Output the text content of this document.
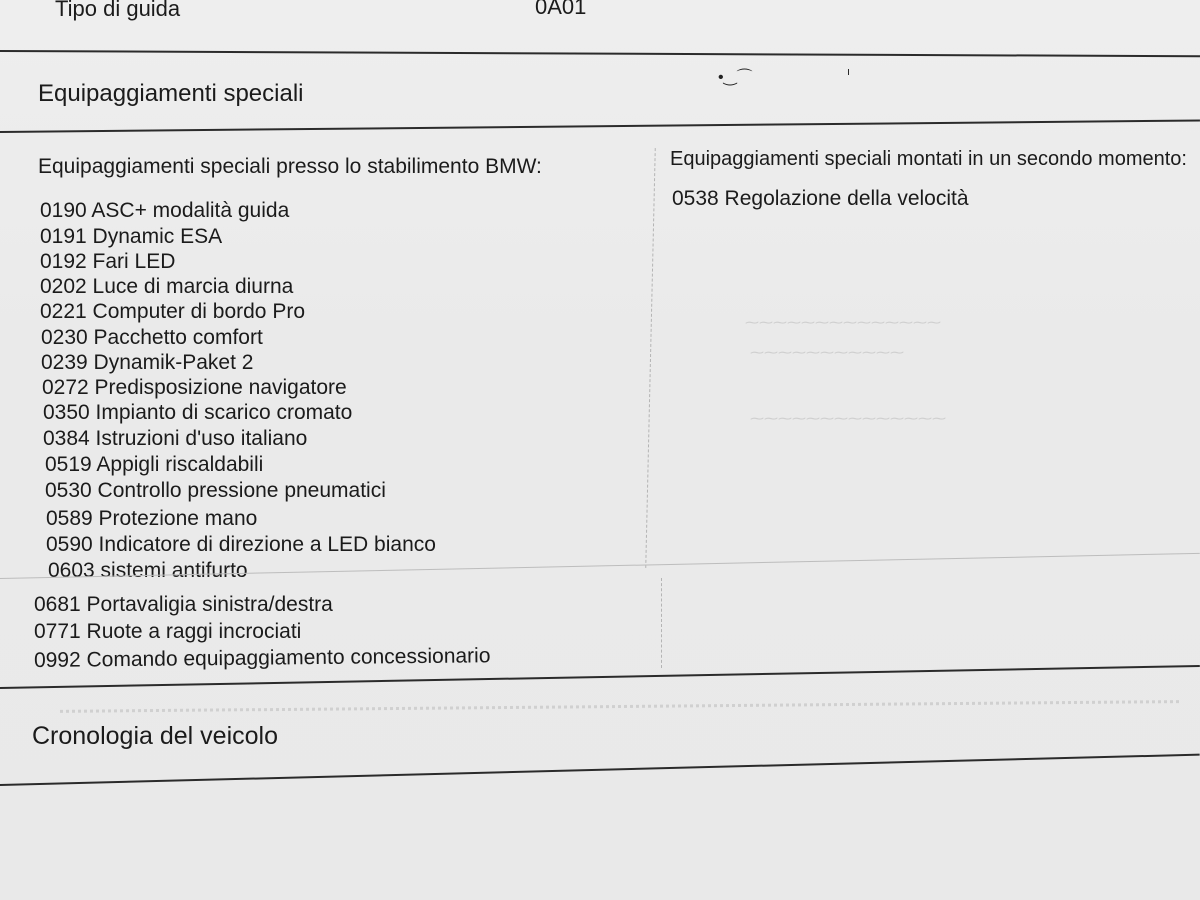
Tipo di guida	0A01
Equipaggiamenti speciali
•‿⌒	ı
Equipaggiamenti speciali presso lo stabilimento BMW:	Equipaggiamenti speciali montati in un secondo momento:
0190 ASC+ modalità guida
0191 Dynamic ESA
0192 Fari LED
0202 Luce di marcia diurna
0221 Computer di bordo Pro
0230 Pacchetto comfort
0239 Dynamik-Paket 2
0272 Predisposizione navigatore
0350 Impianto di scarico cromato
0384 Istruzioni d'uso italiano
0519 Appigli riscaldabili
0530 Controllo pressione pneumatici
0589 Protezione mano
0590 Indicatore di direzione a LED bianco
0603 sistemi antifurto
0538 Regolazione della velocità
⁓⁓⁓⁓⁓⁓⁓⁓⁓⁓⁓⁓⁓⁓
⁓⁓⁓⁓⁓⁓⁓⁓⁓⁓⁓
⁓⁓⁓⁓⁓⁓⁓⁓⁓⁓⁓⁓⁓⁓
0681 Portavaligia sinistra/destra
0771 Ruote a raggi incrociati
0992 Comando equipaggiamento concessionario
Cronologia del veicolo
